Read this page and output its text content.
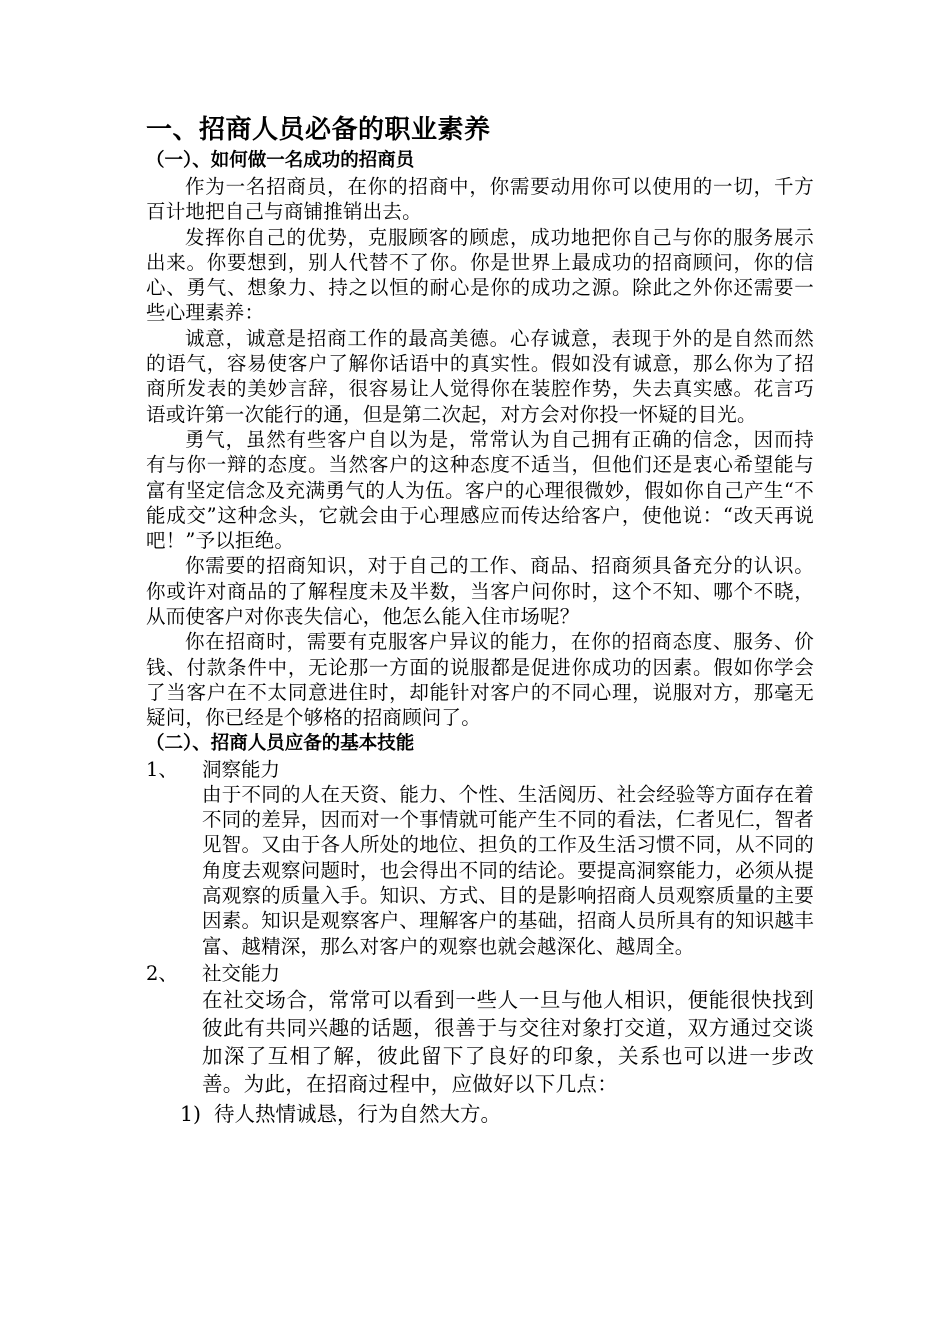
一、招商人员必备的职业素养
（一）、如何做一名成功的招商员

作为一名招商员，在你的招商中，你需要动用你可以使用的一切，千方百计地把自己与商铺推销出去。

发挥你自己的优势，克服顾客的顾虑，成功地把你自己与你的服务展示出来。你要想到，别人代替不了你。你是世界上最成功的招商顾问，你的信心、勇气、想象力、持之以恒的耐心是你的成功之源。除此之外你还需要一些心理素养：

诚意，诚意是招商工作的最高美德。心存诚意，表现于外的是自然而然的语气，容易使客户了解你话语中的真实性。假如没有诚意，那么你为了招商所发表的美妙言辞，很容易让人觉得你在装腔作势，失去真实感。花言巧语或许第一次能行的通，但是第二次起，对方会对你投一怀疑的目光。

勇气，虽然有些客户自以为是，常常认为自己拥有正确的信念，因而持有与你一辩的态度。当然客户的这种态度不适当，但他们还是衷心希望能与富有坚定信念及充满勇气的人为伍。客户的心理很微妙，假如你自己产生“不能成交”这种念头，它就会由于心理感应而传达给客户，使他说：“改天再说吧！”予以拒绝。

你需要的招商知识，对于自己的工作、商品、招商须具备充分的认识。你或许对商品的了解程度未及半数，当客户问你时，这个不知、哪个不晓，从而使客户对你丧失信心，他怎么能入住市场呢？

你在招商时，需要有克服客户异议的能力，在你的招商态度、服务、价钱、付款条件中，无论那一方面的说服都是促进你成功的因素。假如你学会了当客户在不太同意进住时，却能针对客户的不同心理，说服对方，那毫无疑问，你已经是个够格的招商顾问了。

（二）、招商人员应备的基本技能
1、 洞察能力
由于不同的人在天资、能力、个性、生活阅历、社会经验等方面存在着不同的差异，因而对一个事情就可能产生不同的看法，仁者见仁，智者见智。又由于各人所处的地位、担负的工作及生活习惯不同，从不同的角度去观察问题时，也会得出不同的结论。要提高洞察能力，必须从提高观察的质量入手。知识、方式、目的是影响招商人员观察质量的主要因素。知识是观察客户、理解客户的基础，招商人员所具有的知识越丰富、越精深，那么对客户的观察也就会越深化、越周全。
2、 社交能力
在社交场合，常常可以看到一些人一旦与他人相识，便能很快找到彼此有共同兴趣的话题，很善于与交往对象打交道，双方通过交谈加深了互相了解，彼此留下了良好的印象，关系也可以进一步改善。为此，在招商过程中，应做好以下几点：
1) 待人热情诚恳，行为自然大方。
